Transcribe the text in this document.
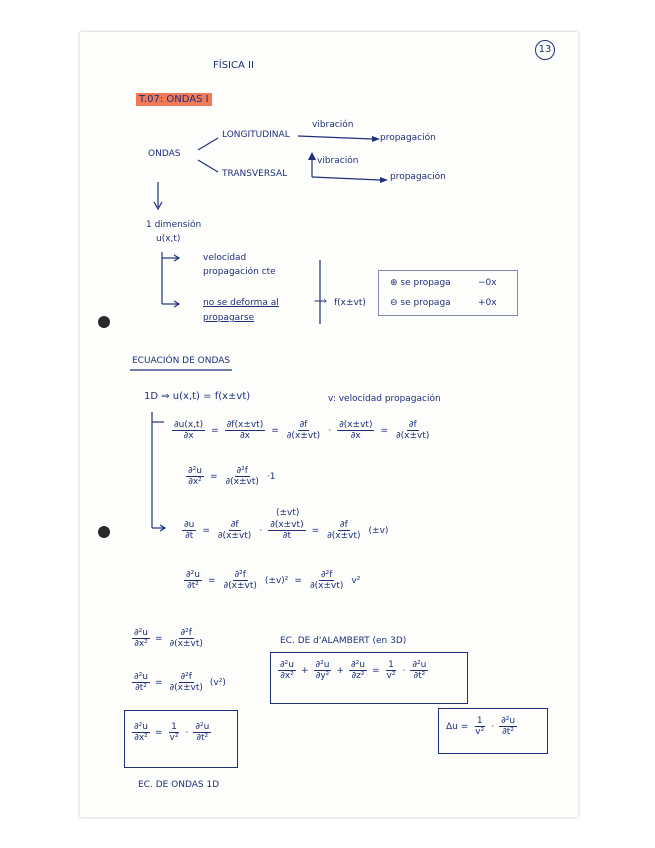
FÍSICA II
13
T.07: ONDAS I
ONDAS
LONGITUDINAL
TRANSVERSAL
vibración
propagación
vibración
propagación
1 dimensión
u(x,t)
velocidad
propagación cte
no se deforma al
propagarse
⟹ f(x±vt)
⊕ se propaga	−0x
⊖ se propaga	+0x
ECUACIÓN DE ONDAS
1D ⇒ u(x,t) = f(x±vt)	v: velocidad propagación
$\frac{\partial u(x,t)}{\partial x} = \frac{\partial f(x\pm vt)}{\partial x} = \frac{\partial f}{\partial(x\pm vt)} \cdot \frac{\partial(x\pm vt)}{\partial x} = \frac{\partial f}{\partial(x\pm vt)}$
$\frac{\text{∂²u}}{\text{∂x²}} = \frac{\text{∂²f}}{\partial(x\pm vt)} \cdot 1$
(±vt)
$\frac{\partial u}{\partial t} = \frac{\partial f}{\partial(x\pm vt)} \cdot \frac{\partial(x\pm vt)}{\partial t} = \frac{\partial f}{\partial(x\pm vt)} (\pm v)$
$\frac{\text{∂²u}}{\text{∂t²}} = \frac{\text{∂²f}}{\partial(x\pm vt)} (\pm v)^2 = \frac{\text{∂²f}}{\partial(x\pm vt)} v^2$
$\frac{\text{∂²u}}{\text{∂x²}} = \frac{\text{∂²f}}{\partial(x\pm vt)}$
$\frac{\text{∂²u}}{\text{∂t²}} = \frac{\text{∂²f}}{\partial(x\pm vt)} (v^2)$
$\frac{\text{∂²u}}{\text{∂x²}} = \frac{1}{\text{v²}} \cdot \frac{\text{∂²u}}{\text{∂t²}}$
EC. DE ONDAS 1D
EC. DE d'ALAMBERT (en 3D)
$\frac{\text{∂²u}}{\text{∂x²}} + \frac{\text{∂²u}}{\text{∂y²}} + \frac{\text{∂²u}}{\text{∂z²}} = \frac{1}{\text{v²}} \cdot \frac{\text{∂²u}}{\text{∂t²}}$
$\Delta u = \frac{1}{\text{v²}} \cdot \frac{\text{∂²u}}{\text{∂t²}}$
